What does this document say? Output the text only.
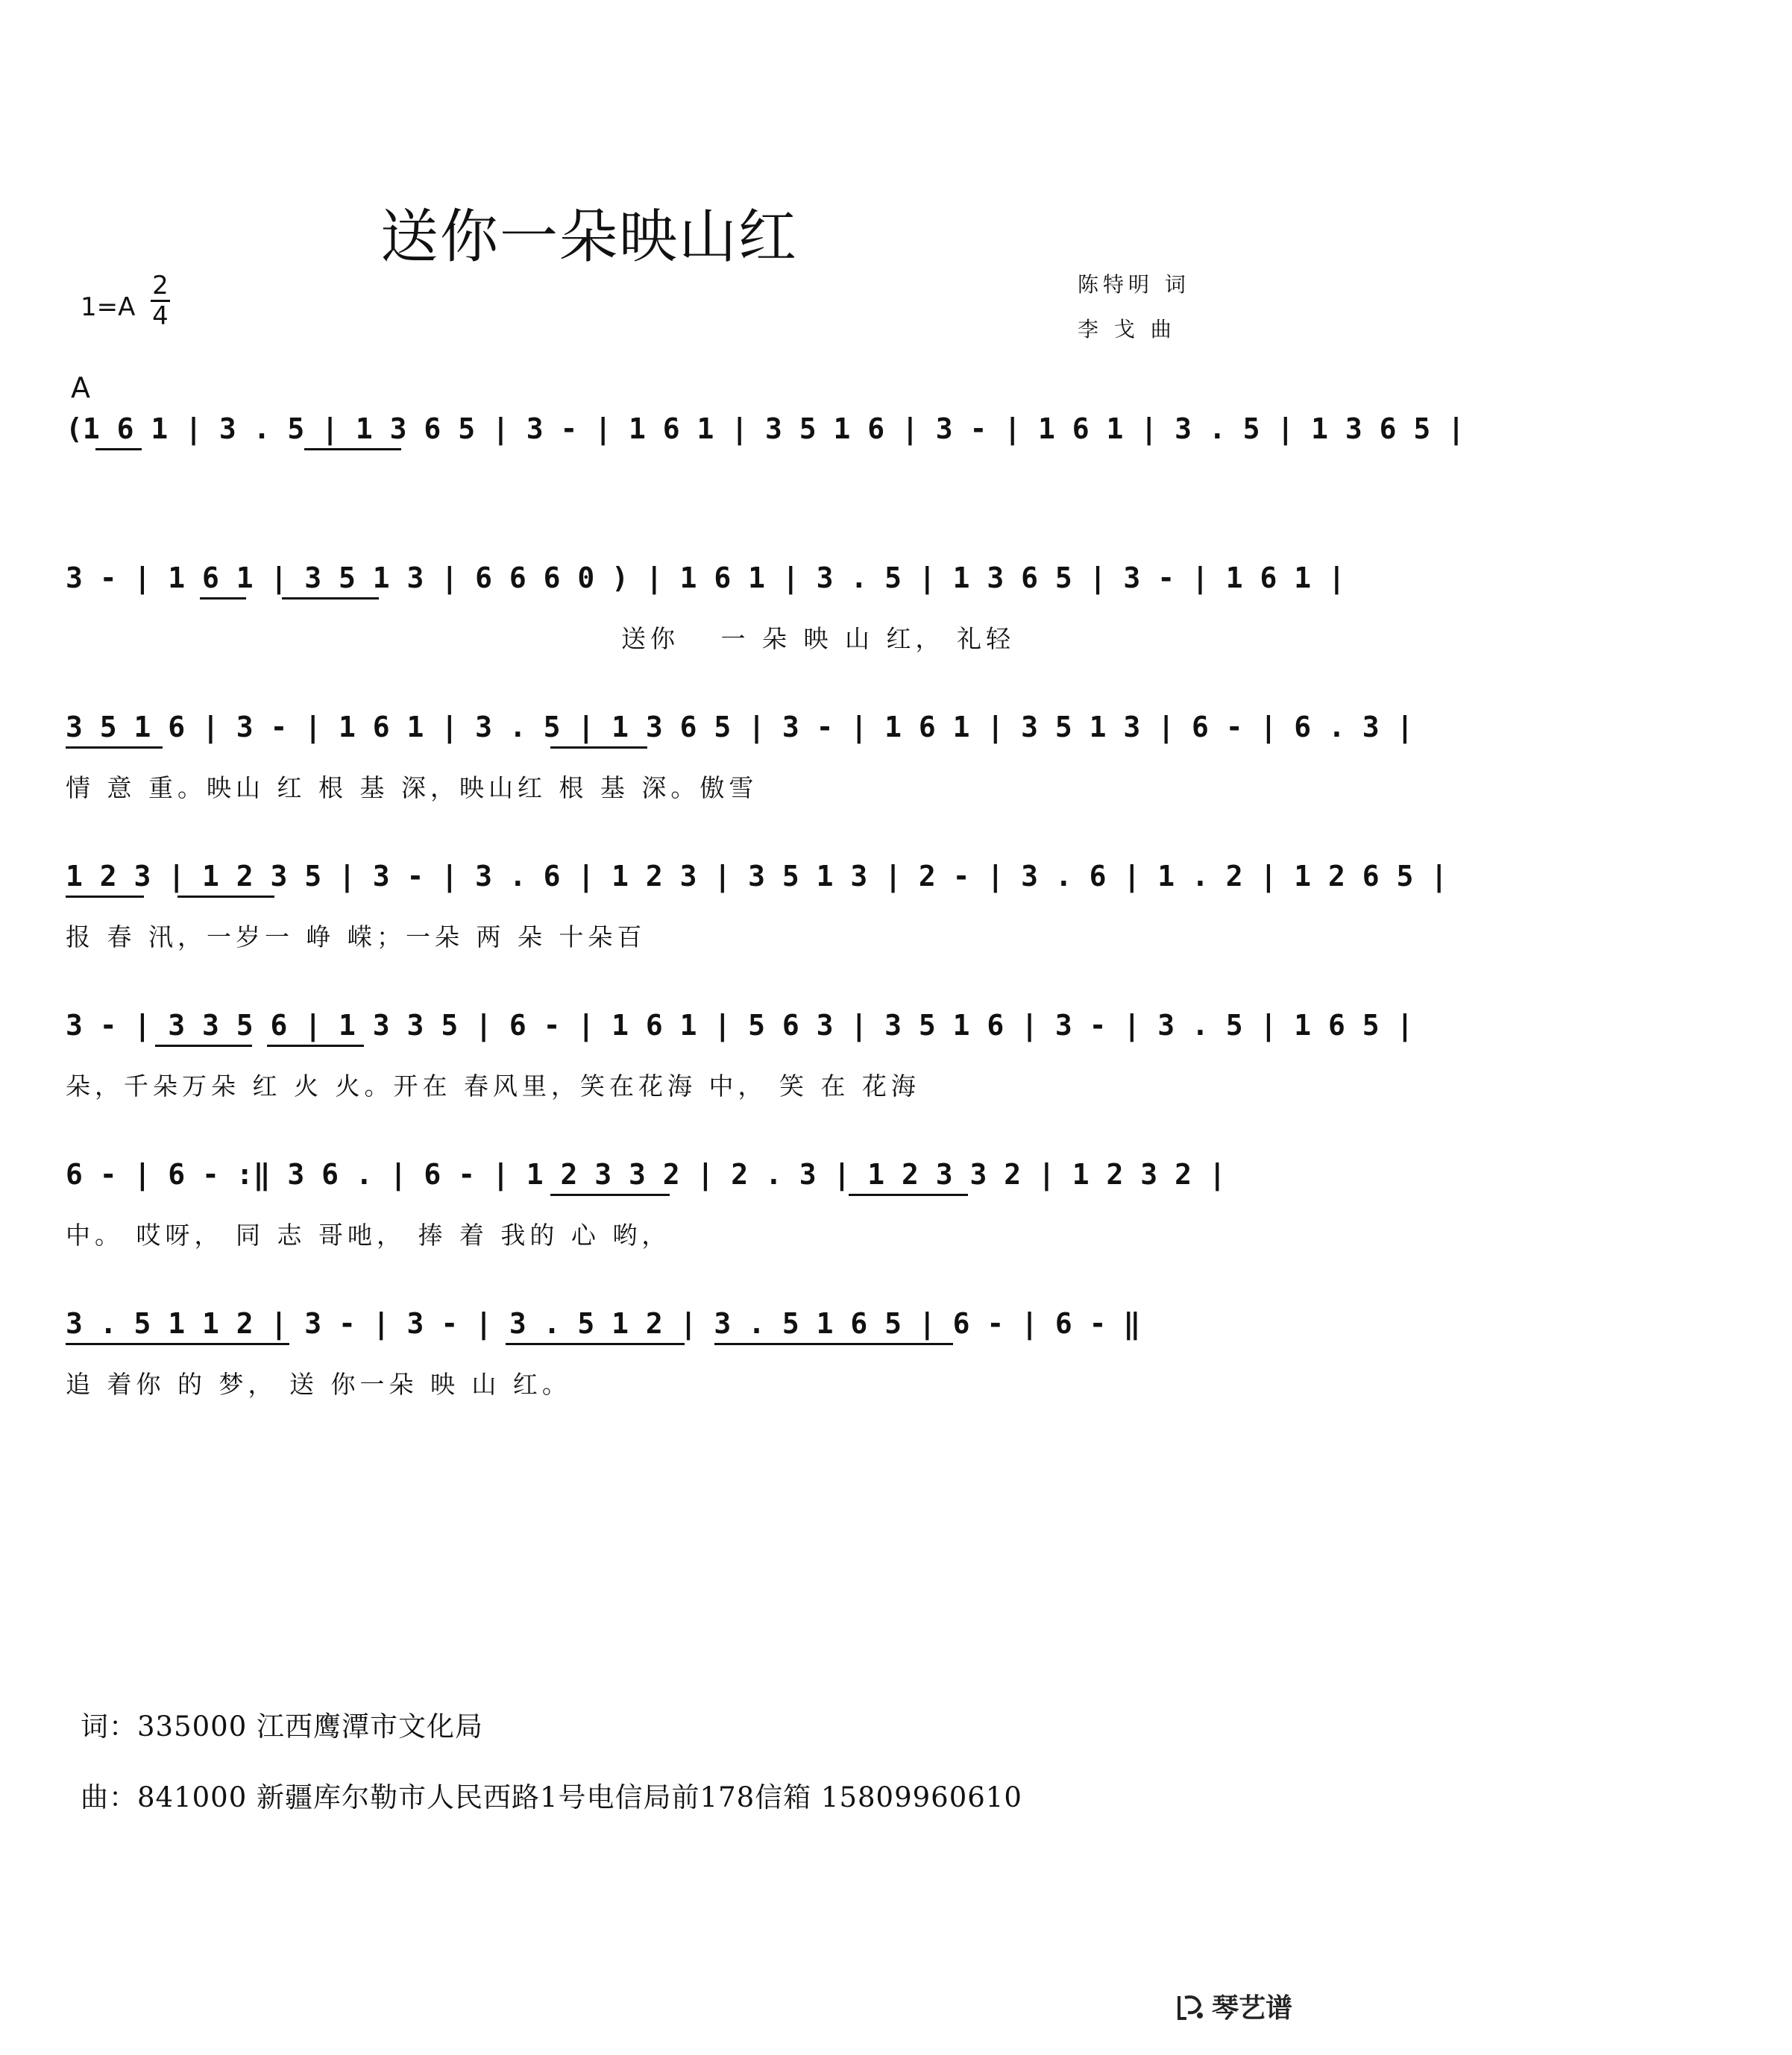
送你一朵映山红
1=A
2
4
陈特明 词
李 戈 曲
A
(1 6 1 | 3 . 5 | 1 3 6 5 | 3 - | 1 6 1 | 3 5 1 6 | 3 - | 1 6 1 | 3 . 5 | 1 3 6 5 |
3 - | 1 6 1 | 3 5 1 3 | 6 6 6 0 ) | 1 6 1 | 3 . 5 | 1 3 6 5 | 3 - | 1 6 1 |
送你　 一 朵 映 山 红， 礼轻
3 5 1 6 | 3 - | 1 6 1 | 3 . 5 | 1 3 6 5 | 3 - | 1 6 1 | 3 5 1 3 | 6 - | 6 . 3 |
情 意 重。映山 红 根 基 深，映山红 根 基 深。傲雪
1 2 3 | 1 2 3 5 | 3 - | 3 . 6 | 1 2 3 | 3 5 1 3 | 2 - | 3 . 6 | 1 . 2 | 1 2 6 5 |
报 春 汛，一岁一 峥 嵘；一朵 两 朵 十朵百
3 - | 3 3 5 6 | 1 3 3 5 | 6 - | 1 6 1 | 5 6 3 | 3 5 1 6 | 3 - | 3 . 5 | 1 6 5 |
朵，千朵万朵 红 火 火。开在 春风里，笑在花海 中， 笑 在 花海
6 - | 6 - :‖ 3 6 . | 6 - | 1 2 3 3 2 | 2 . 3 | 1 2 3 3 2 | 1 2 3 2 |
中。 哎呀， 同 志 哥吔， 捧 着 我的 心 哟，
3 . 5 1 1 2 | 3 - | 3 - | 3 . 5 1 2 | 3 . 5 1 6 5 | 6 - | 6 - ‖
追 着你 的 梦， 送 你一朵 映 山 红。
词：335000 江西鹰潭市文化局
曲：841000 新疆库尔勒市人民西路1号电信局前178信箱 15809960610
琴艺谱
